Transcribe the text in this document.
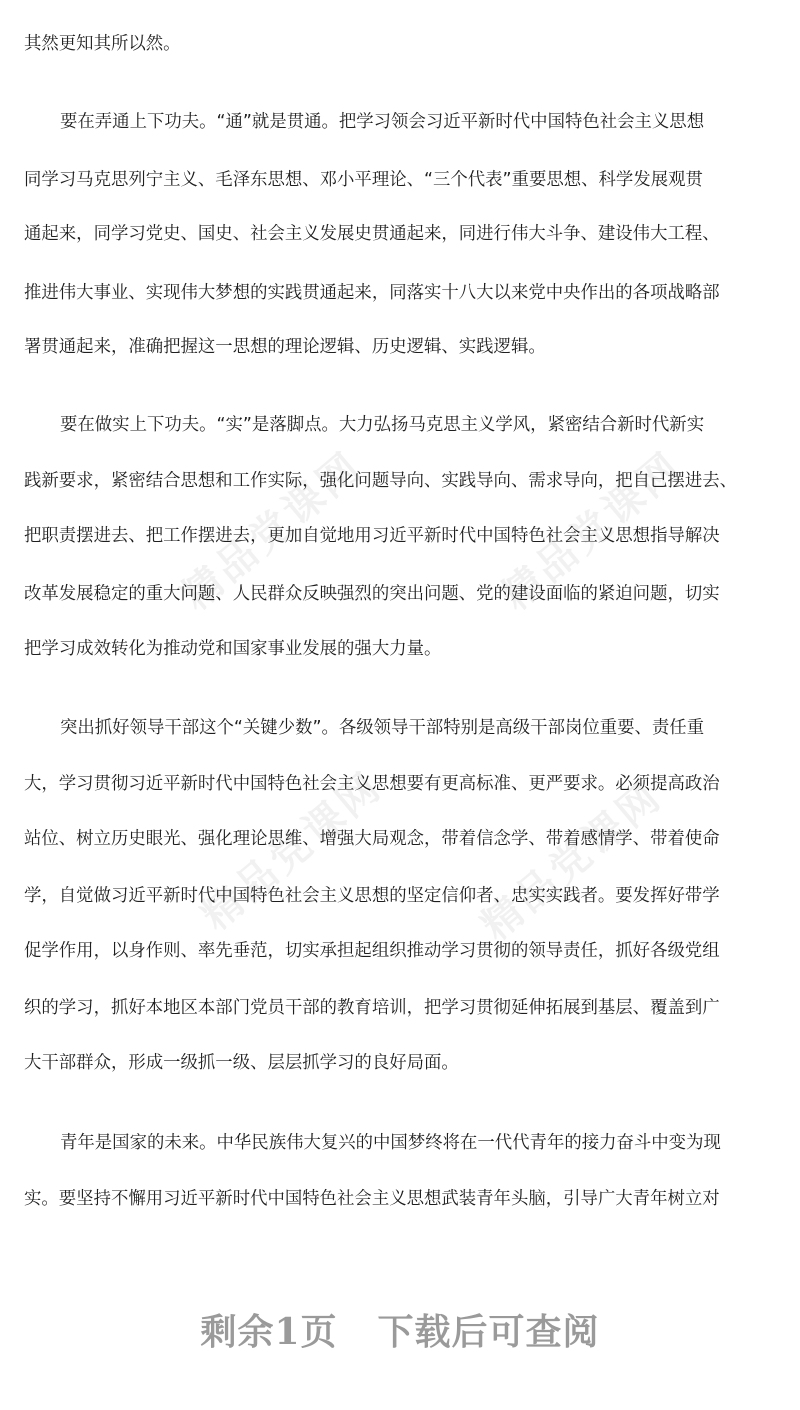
精品党课网	精品党课网
精品党课网 精品党课网
其然更知其所以然。
要在弄通上下功夫。“通”就是贯通。把学习领会习近平新时代中国特色社会主义思想
同学习马克思列宁主义、毛泽东思想、邓小平理论、“三个代表”重要思想、科学发展观贯
通起来，同学习党史、国史、社会主义发展史贯通起来，同进行伟大斗争、建设伟大工程、
推进伟大事业、实现伟大梦想的实践贯通起来，同落实十八大以来党中央作出的各项战略部
署贯通起来，准确把握这一思想的理论逻辑、历史逻辑、实践逻辑。
要在做实上下功夫。“实”是落脚点。大力弘扬马克思主义学风，紧密结合新时代新实
践新要求，紧密结合思想和工作实际，强化问题导向、实践导向、需求导向，把自己摆进去、
把职责摆进去、把工作摆进去，更加自觉地用习近平新时代中国特色社会主义思想指导解决
改革发展稳定的重大问题、人民群众反映强烈的突出问题、党的建设面临的紧迫问题，切实
把学习成效转化为推动党和国家事业发展的强大力量。
突出抓好领导干部这个“关键少数”。各级领导干部特别是高级干部岗位重要、责任重
大，学习贯彻习近平新时代中国特色社会主义思想要有更高标准、更严要求。必须提高政治
站位、树立历史眼光、强化理论思维、增强大局观念，带着信念学、带着感情学、带着使命
学，自觉做习近平新时代中国特色社会主义思想的坚定信仰者、忠实实践者。要发挥好带学
促学作用，以身作则、率先垂范，切实承担起组织推动学习贯彻的领导责任，抓好各级党组
织的学习，抓好本地区本部门党员干部的教育培训，把学习贯彻延伸拓展到基层、覆盖到广
大干部群众，形成一级抓一级、层层抓学习的良好局面。
青年是国家的未来。中华民族伟大复兴的中国梦终将在一代代青年的接力奋斗中变为现
实。要坚持不懈用习近平新时代中国特色社会主义思想武装青年头脑，引导广大青年树立对
剩余1页 下载后可查阅
